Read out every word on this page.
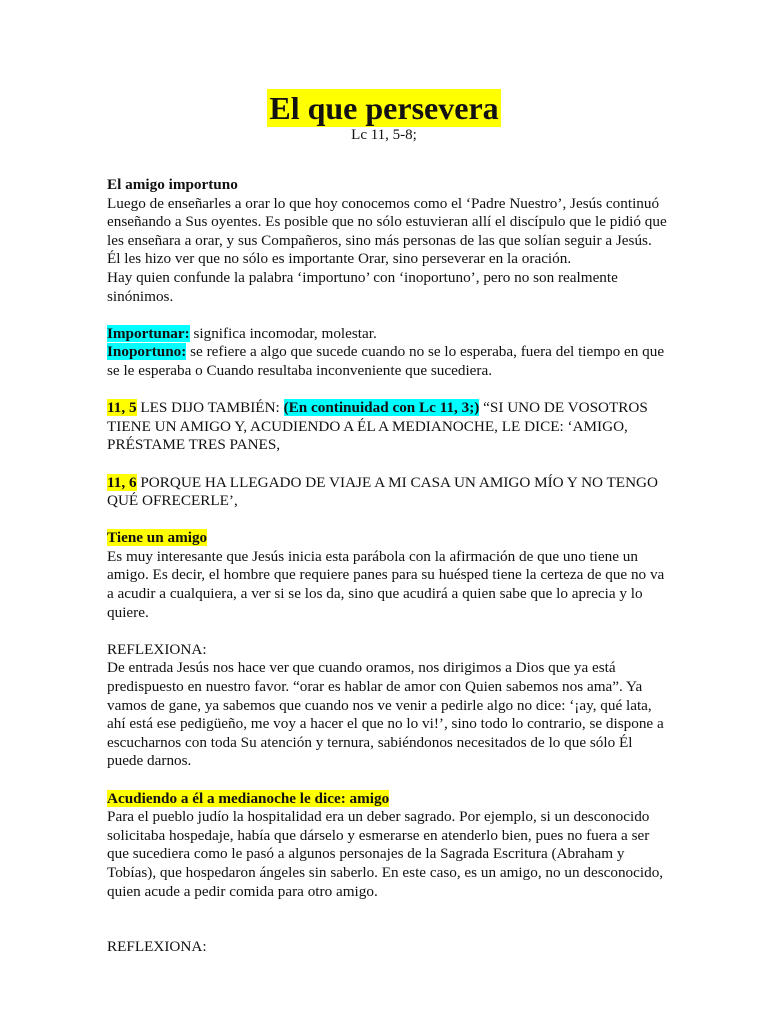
El que persevera
Lc 11, 5-8;

El amigo importuno

Luego de enseñarles a orar lo que hoy conocemos como el ‘Padre Nuestro’, Jesús continuó enseñando a Sus oyentes. Es posible que no sólo estuvieran allí el discípulo que le pidió que les enseñara a orar, y sus Compañeros, sino más personas de las que solían seguir a Jesús. Él les hizo ver que no sólo es importante Orar, sino perseverar en la oración.

Hay quien confunde la palabra ‘importuno’ con ‘inoportuno’, pero no son realmente sinónimos.

Importunar: significa incomodar, molestar.

Inoportuno: se refiere a algo que sucede cuando no se lo esperaba, fuera del tiempo en que se le esperaba o Cuando resultaba inconveniente que sucediera.

11, 5 LES DIJO TAMBIÉN: (En continuidad con Lc 11, 3;) “SI UNO DE VOSOTROS TIENE UN AMIGO Y, ACUDIENDO A ÉL A MEDIANOCHE, LE DICE: ‘AMIGO, PRÉSTAME TRES PANES,

11, 6 PORQUE HA LLEGADO DE VIAJE A MI CASA UN AMIGO MÍO Y NO TENGO QUÉ OFRECERLE’,

Tiene un amigo

Es muy interesante que Jesús inicia esta parábola con la afirmación de que uno tiene un amigo. Es decir, el hombre que requiere panes para su huésped tiene la certeza de que no va a acudir a cualquiera, a ver si se los da, sino que acudirá a quien sabe que lo aprecia y lo quiere.

REFLEXIONA:

De entrada Jesús nos hace ver que cuando oramos, nos dirigimos a Dios que ya está predispuesto en nuestro favor. “orar es hablar de amor con Quien sabemos nos ama”. Ya vamos de gane, ya sabemos que cuando nos ve venir a pedirle algo no dice: ‘¡ay, qué lata, ahí está ese pedigüeño, me voy a hacer el que no lo vi!’, sino todo lo contrario, se dispone a escucharnos con toda Su atención y ternura, sabiéndonos necesitados de lo que sólo Él puede darnos.

Acudiendo a él a medianoche le dice: amigo

Para el pueblo judío la hospitalidad era un deber sagrado. Por ejemplo, si un desconocido solicitaba hospedaje, había que dárselo y esmerarse en atenderlo bien, pues no fuera a ser que sucediera como le pasó a algunos personajes de la Sagrada Escritura (Abraham y Tobías), que hospedaron ángeles sin saberlo. En este caso, es un amigo, no un desconocido, quien acude a pedir comida para otro amigo.

REFLEXIONA:
